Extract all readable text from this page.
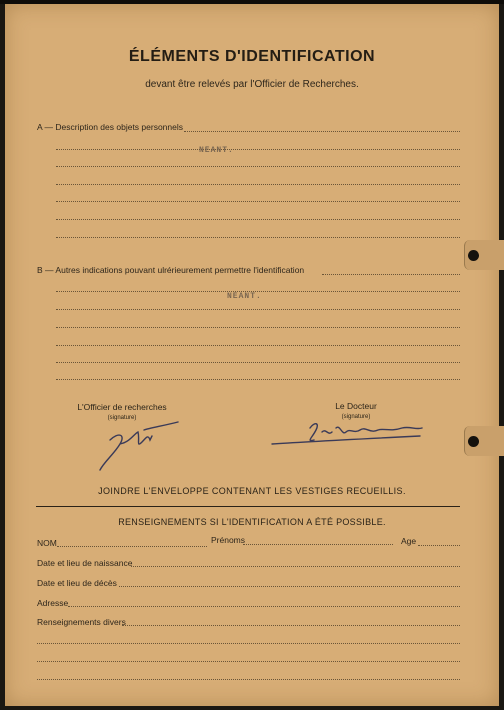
ÉLÉMENTS D'IDENTIFICATION
devant être relevés par l'Officier de Recherches.
A — Description des objets personnels
NÉANT.
B — Autres indications pouvant ulrérieurement permettre l'identification
NÉANT.
L'Officier de recherches
(signature)
Le Docteur
(signature)
JOINDRE L'ENVELOPPE CONTENANT LES VESTIGES RECUEILLIS.
RENSEIGNEMENTS SI L'IDENTIFICATION A ÉTÉ POSSIBLE.
NOM	Prénoms	Age
Date et lieu de naissance
Date et lieu de décès
Adresse
Renseignements divers
